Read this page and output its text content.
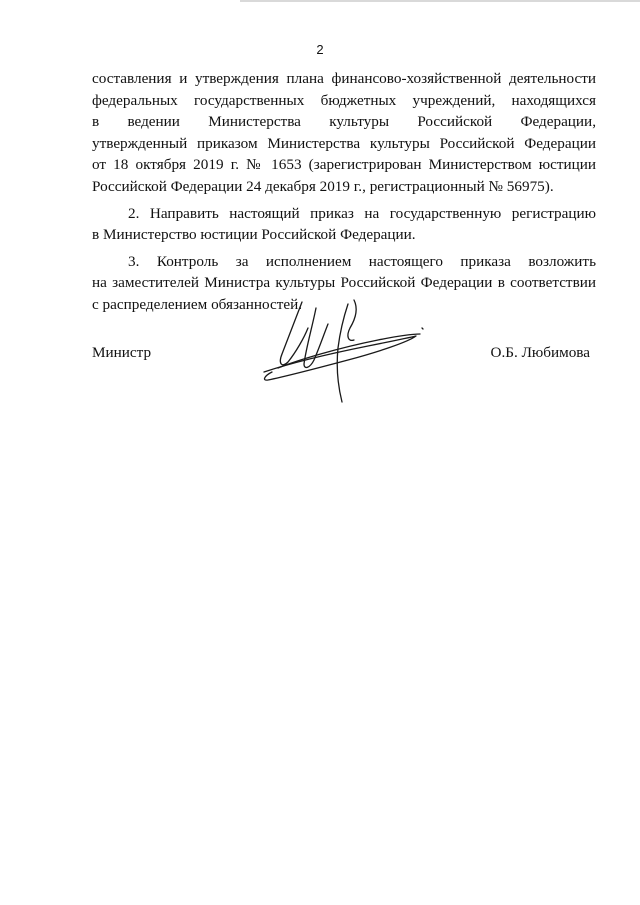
2
составления и утверждения плана финансово-хозяйственной деятельности
федеральных государственных бюджетных учреждений, находящихся
в ведении Министерства культуры Российской Федерации,
утвержденный приказом Министерства культуры Российской Федерации
от 18 октября 2019 г. № 1653 (зарегистрирован Министерством юстиции
Российской Федерации 24 декабря 2019 г., регистрационный № 56975).
2. Направить настоящий приказ на государственную регистрацию
в Министерство юстиции Российской Федерации.
3. Контроль за исполнением настоящего приказа возложить
на заместителей Министра культуры Российской Федерации в соответствии
с распределением обязанностей.
Министр	О.Б. Любимова
